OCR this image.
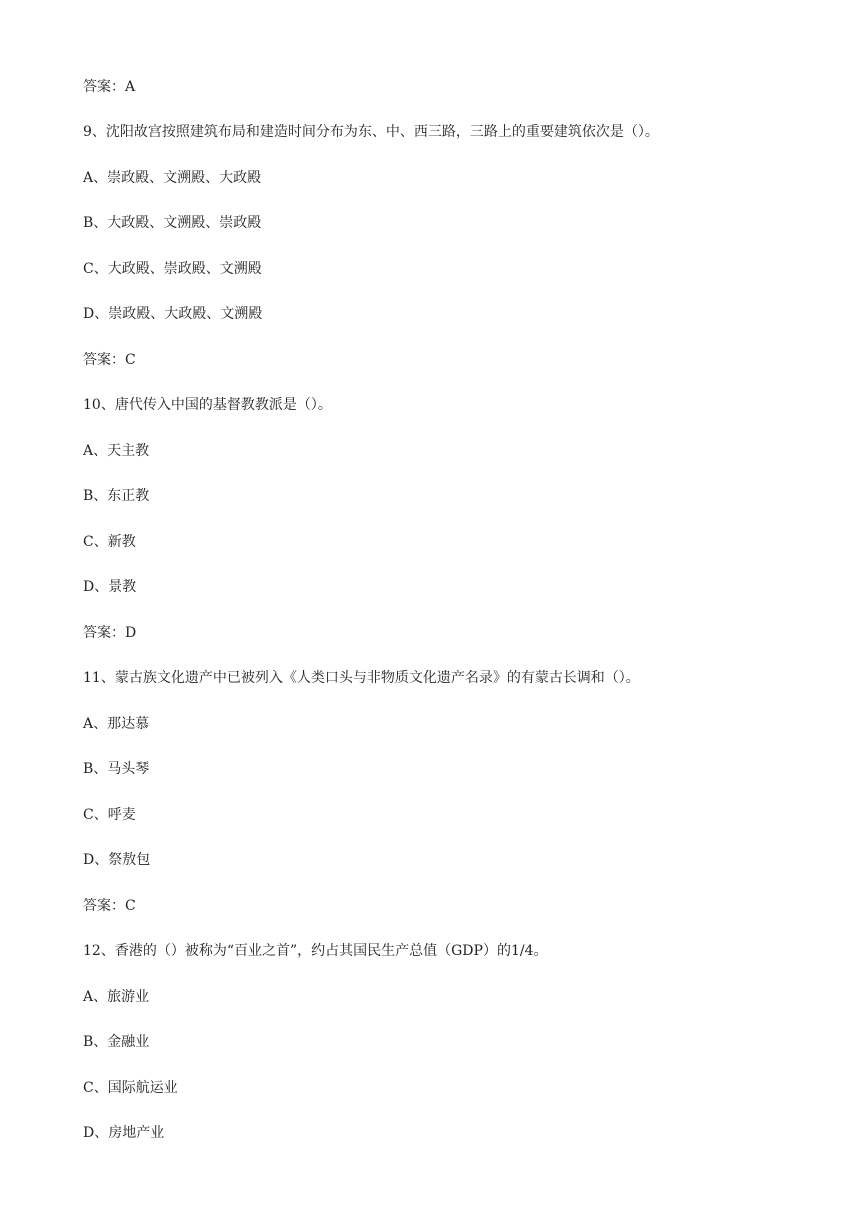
答案：A
9、沈阳故宫按照建筑布局和建造时间分布为东、中、西三路，三路上的重要建筑依次是（）。
A、崇政殿、文溯殿、大政殿
B、大政殿、文溯殿、崇政殿
C、大政殿、崇政殿、文溯殿
D、崇政殿、大政殿、文溯殿
答案：C
10、唐代传入中国的基督教教派是（）。
A、天主教
B、东正教
C、新教
D、景教
答案：D
11、蒙古族文化遗产中已被列入《人类口头与非物质文化遗产名录》的有蒙古长调和（）。
A、那达慕
B、马头琴
C、呼麦
D、祭敖包
答案：C
12、香港的（）被称为“百业之首”，约占其国民生产总值（GDP）的1/4。
A、旅游业
B、金融业
C、国际航运业
D、房地产业
